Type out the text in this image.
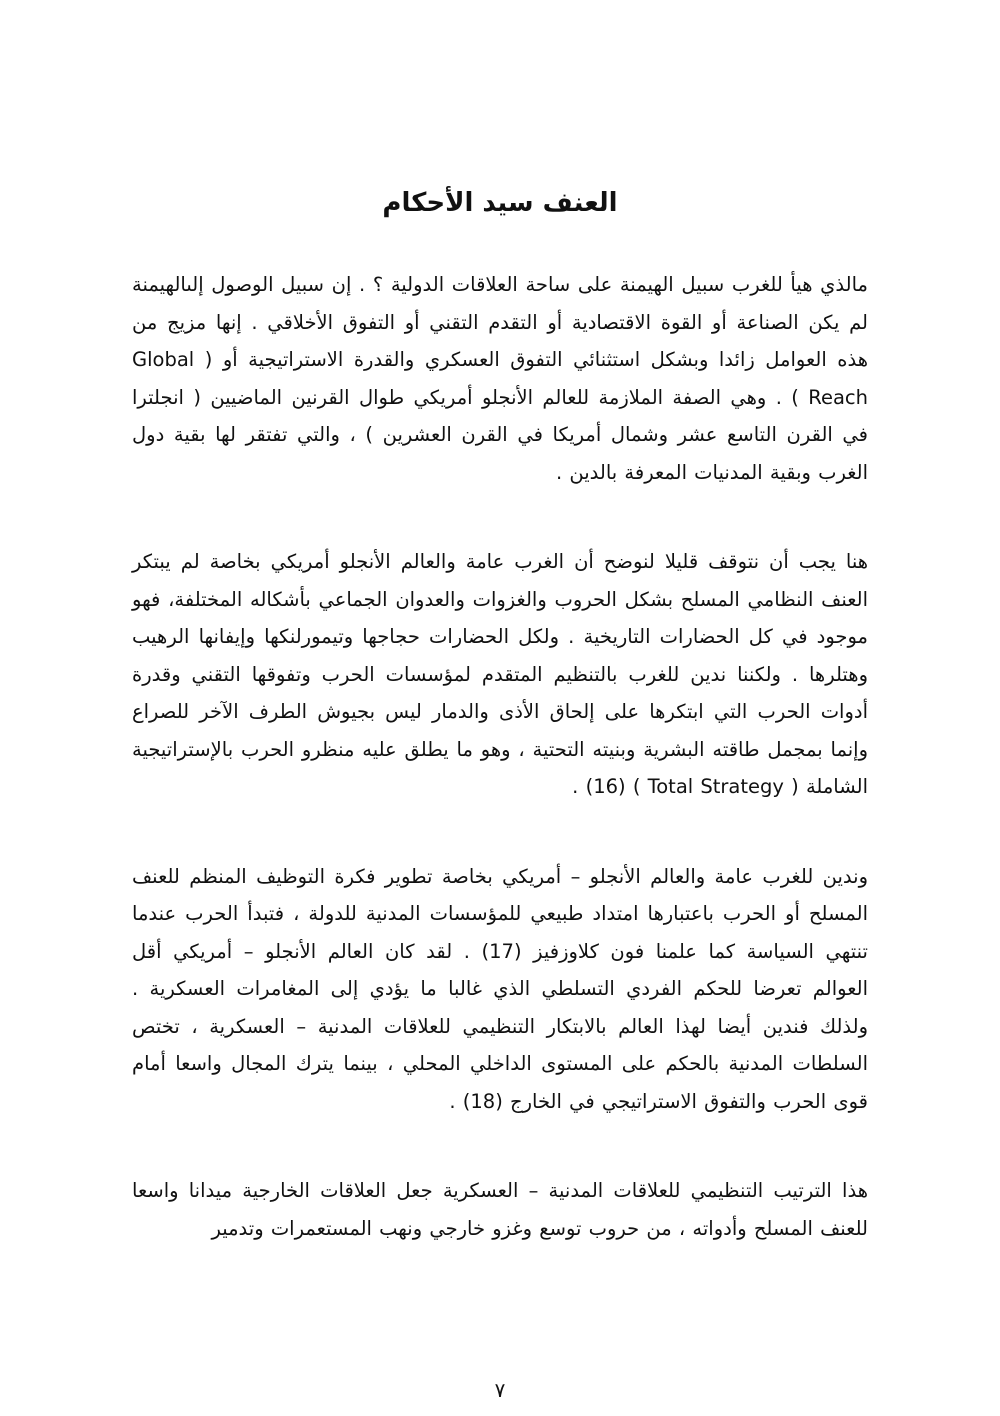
العنف سيد الأحكام

مالذي هيأ للغرب سبيل الهيمنة على ساحة العلاقات الدولية ؟ . إن سبيل الوصول إلىالهيمنة لم يكن الصناعة أو القوة الاقتصادية أو التقدم التقني أو التفوق الأخلاقي . إنها مزيج من هذه العوامل زائدا وبشكل استثنائي التفوق العسكري والقدرة الاستراتيجية أو ( Global Reach ) . وهي الصفة الملازمة للعالم الأنجلو أمريكي طوال القرنين الماضيين ( انجلترا في القرن التاسع عشر وشمال أمريكا في القرن العشرين ) ، والتي تفتقر لها بقية دول الغرب وبقية المدنيات المعرفة بالدين .

هنا يجب أن نتوقف قليلا لنوضح أن الغرب عامة والعالم الأنجلو أمريكي بخاصة لم يبتكر العنف النظامي المسلح بشكل الحروب والغزوات والعدوان الجماعي بأشكاله المختلفة، فهو موجود في كل الحضارات التاريخية . ولكل الحضارات حجاجها وتيمورلنكها وإيفانها الرهيب وهتلرها . ولكننا ندين للغرب بالتنظيم المتقدم لمؤسسات الحرب وتفوقها التقني وقدرة أدوات الحرب التي ابتكرها على إلحاق الأذى والدمار ليس بجيوش الطرف الآخر للصراع وإنما بمجمل طاقته البشرية وبنيته التحتية ، وهو ما يطلق عليه منظرو الحرب بالإستراتيجية الشاملة ( Total Strategy ) (16) .

وندين للغرب عامة والعالم الأنجلو – أمريكي بخاصة تطوير فكرة التوظيف المنظم للعنف المسلح أو الحرب باعتبارها امتداد طبيعي للمؤسسات المدنية للدولة ، فتبدأ الحرب عندما تنتهي السياسة كما علمنا فون كلاوزفيز (17) . لقد كان العالم الأنجلو – أمريكي أقل العوالم تعرضا للحكم الفردي التسلطي الذي غالبا ما يؤدي إلى المغامرات العسكرية . ولذلك فندين أيضا لهذا العالم بالابتكار التنظيمي للعلاقات المدنية – العسكرية ، تختص السلطات المدنية بالحكم على المستوى الداخلي المحلي ، بينما يترك المجال واسعا أمام قوى الحرب والتفوق الاستراتيجي في الخارج (18) .

هذا الترتيب التنظيمي للعلاقات المدنية – العسكرية جعل العلاقات الخارجية ميدانا واسعا للعنف المسلح وأدواته ، من حروب توسع وغزو خارجي ونهب المستعمرات وتدمير

٧
